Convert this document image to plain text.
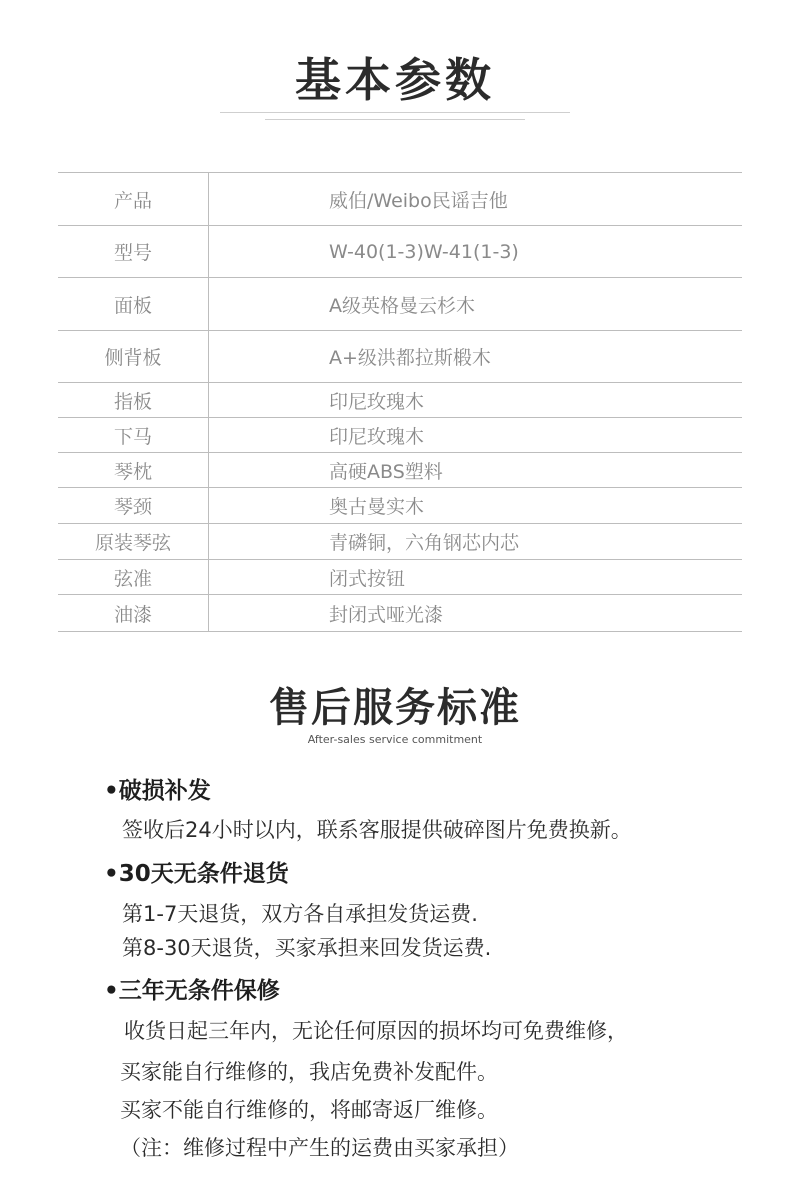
基本参数
产品	威伯/Weibo民谣吉他
型号	W-40(1-3)W-41(1-3)
面板	A级英格曼云杉木
侧背板	A+级洪都拉斯椴木
指板	印尼玫瑰木
下马	印尼玫瑰木
琴枕	高硬ABS塑料
琴颈	奥古曼实木
原装琴弦	青磷铜，六角钢芯内芯
弦准	闭式按钮
油漆	封闭式哑光漆
售后服务标准
After-sales service commitment
•破损补发
签收后24小时以内，联系客服提供破碎图片免费换新。
•30天无条件退货
第1-7天退货，双方各自承担发货运费.
第8-30天退货，买家承担来回发货运费.
•三年无条件保修
收货日起三年内，无论任何原因的损坏均可免费维修，
买家能自行维修的，我店免费补发配件。
买家不能自行维修的，将邮寄返厂维修。
（注：维修过程中产生的运费由买家承担）
